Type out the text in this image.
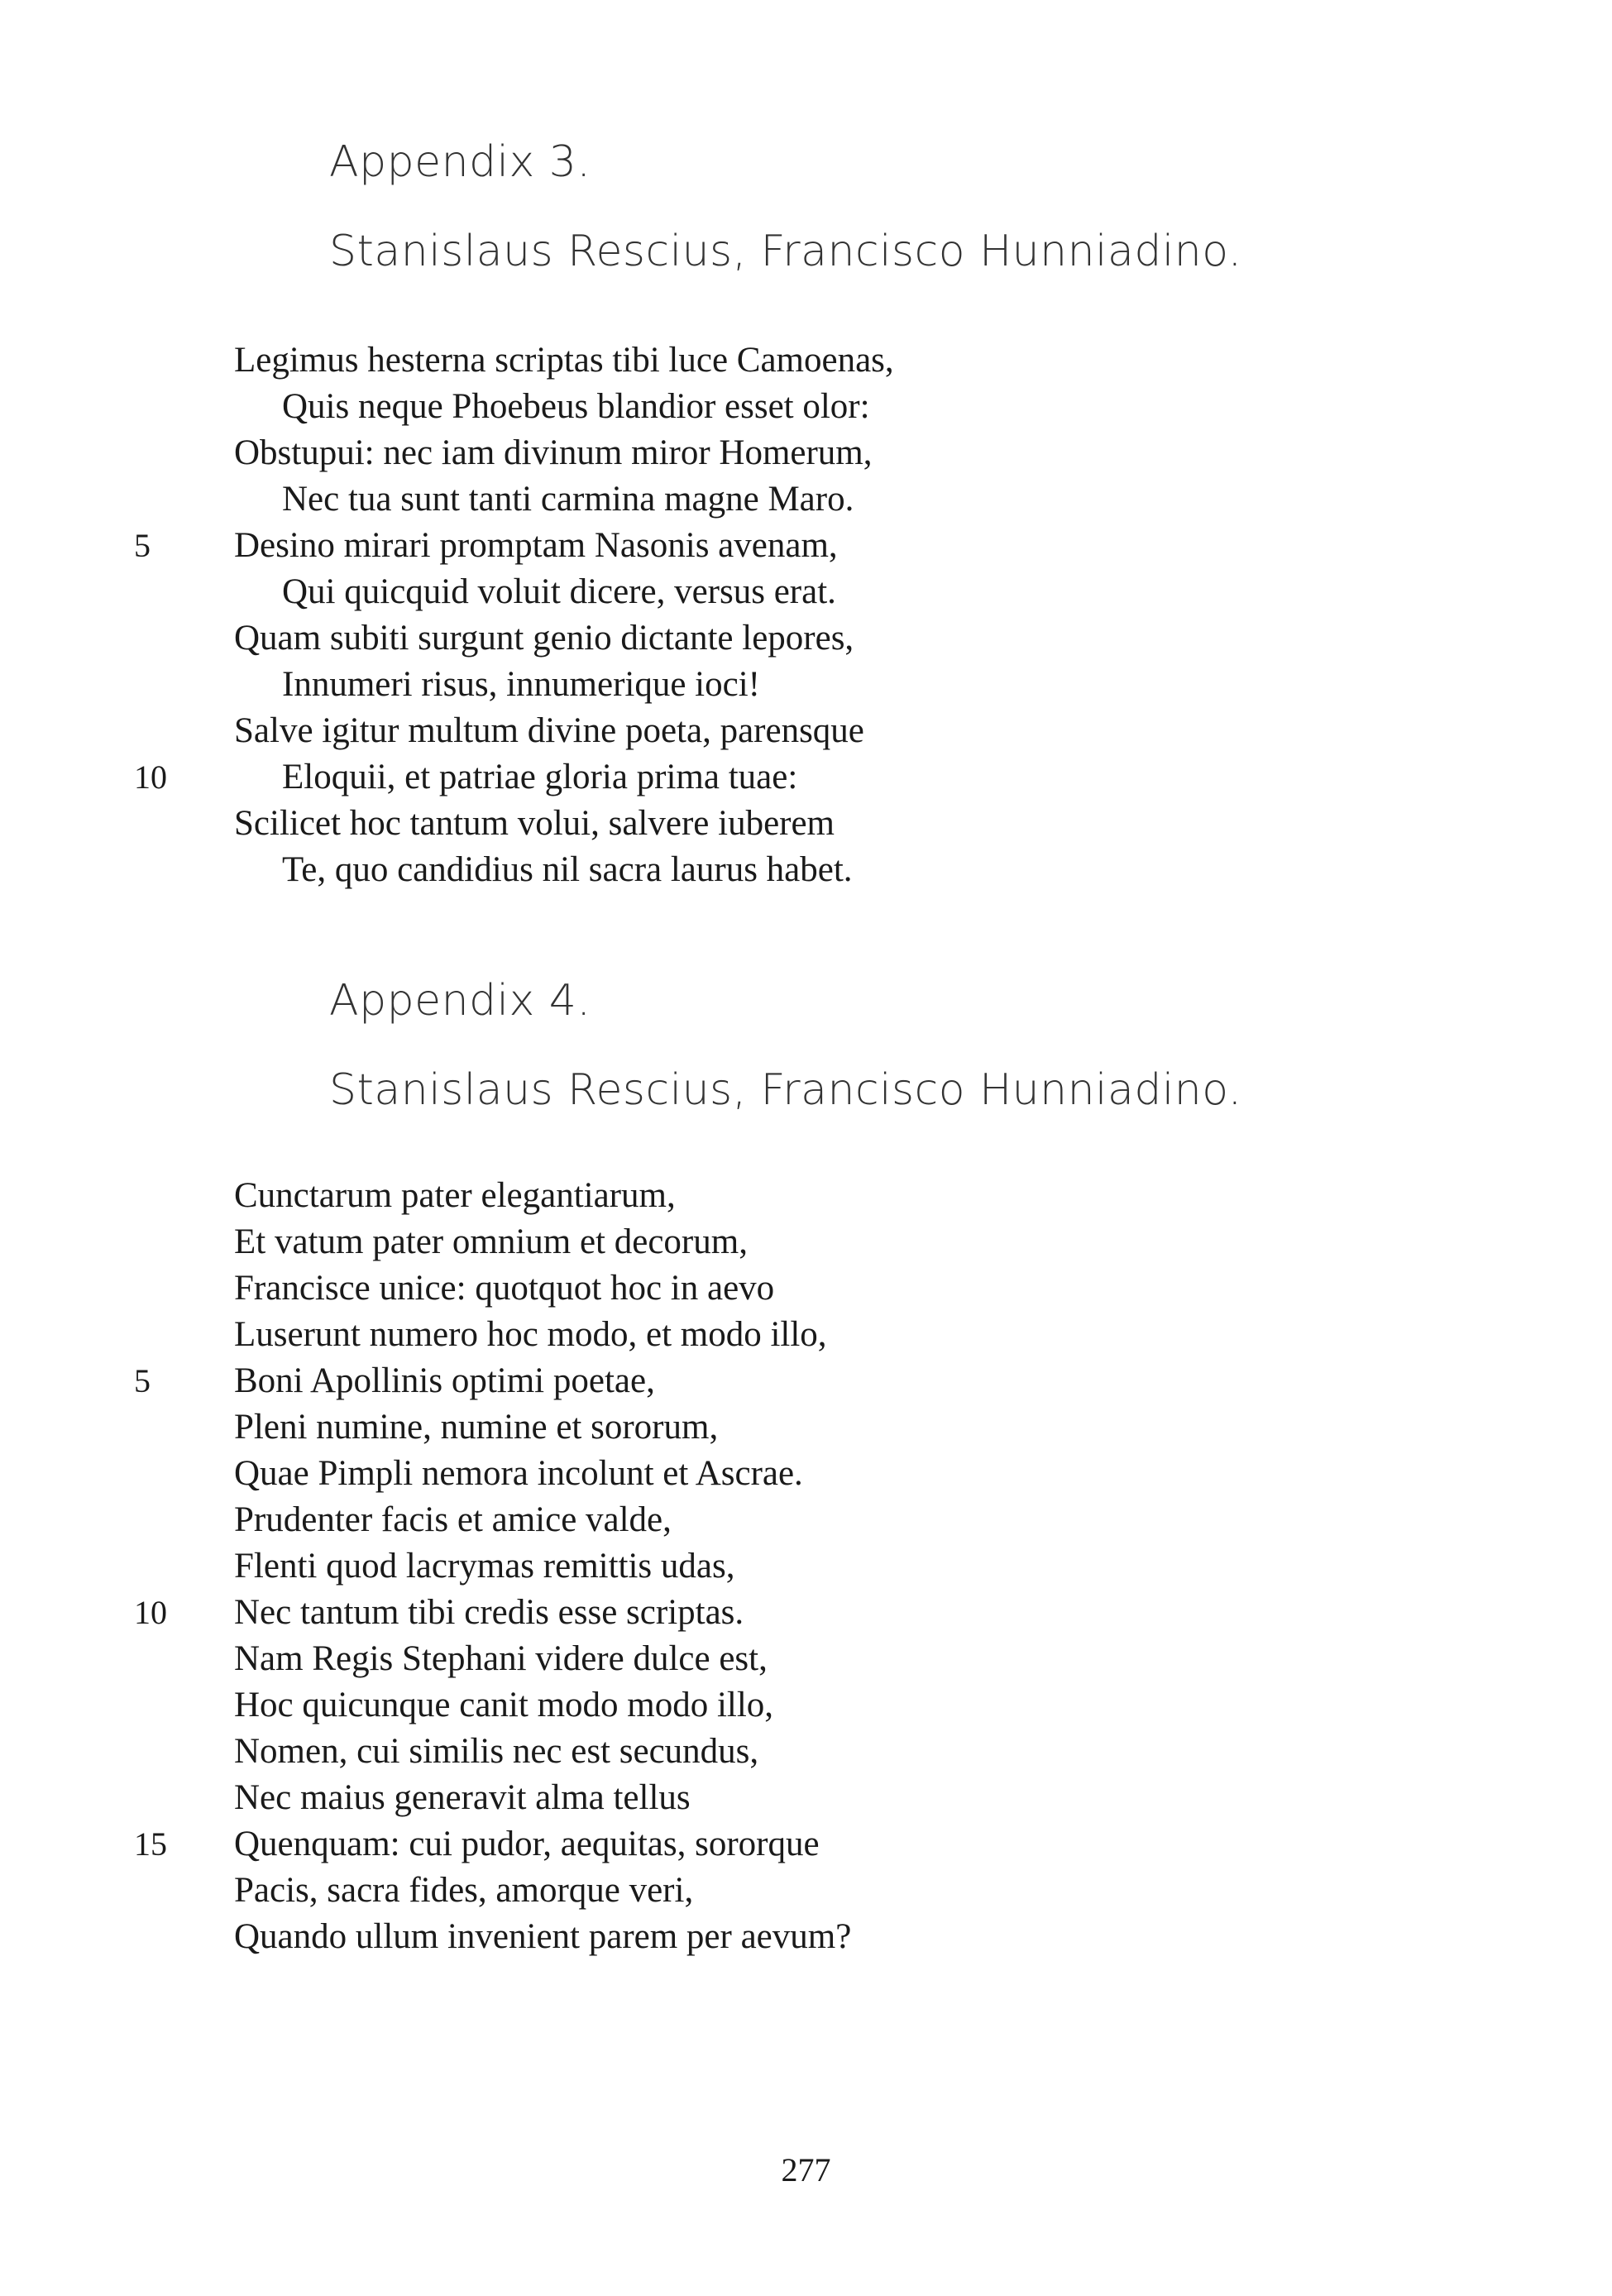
Appendix 3.
Stanislaus Rescius, Francisco Hunniadino.
Legimus hesterna scriptas tibi luce Camoenas,
Quis neque Phoebeus blandior esset olor:
Obstupui: nec iam divinum miror Homerum,
Nec tua sunt tanti carmina magne Maro.
5	Desino mirari promptam Nasonis avenam,
Qui quicquid voluit dicere, versus erat.
Quam subiti surgunt genio dictante lepores,
Innumeri risus, innumerique ioci!
Salve igitur multum divine poeta, parensque
10	Eloquii, et patriae gloria prima tuae:
Scilicet hoc tantum volui, salvere iuberem
Te, quo candidius nil sacra laurus habet.
Appendix 4.
Stanislaus Rescius, Francisco Hunniadino.
Cunctarum pater elegantiarum,
Et vatum pater omnium et decorum,
Francisce unice: quotquot hoc in aevo
Luserunt numero hoc modo, et modo illo,
5	Boni Apollinis optimi poetae,
Pleni numine, numine et sororum,
Quae Pimpli nemora incolunt et Ascrae.
Prudenter facis et amice valde,
Flenti quod lacrymas remittis udas,
10	Nec tantum tibi credis esse scriptas.
Nam Regis Stephani videre dulce est,
Hoc quicunque canit modo modo illo,
Nomen, cui similis nec est secundus,
Nec maius generavit alma tellus
15	Quenquam: cui pudor, aequitas, sororque
Pacis, sacra fides, amorque veri,
Quando ullum invenient parem per aevum?
277
